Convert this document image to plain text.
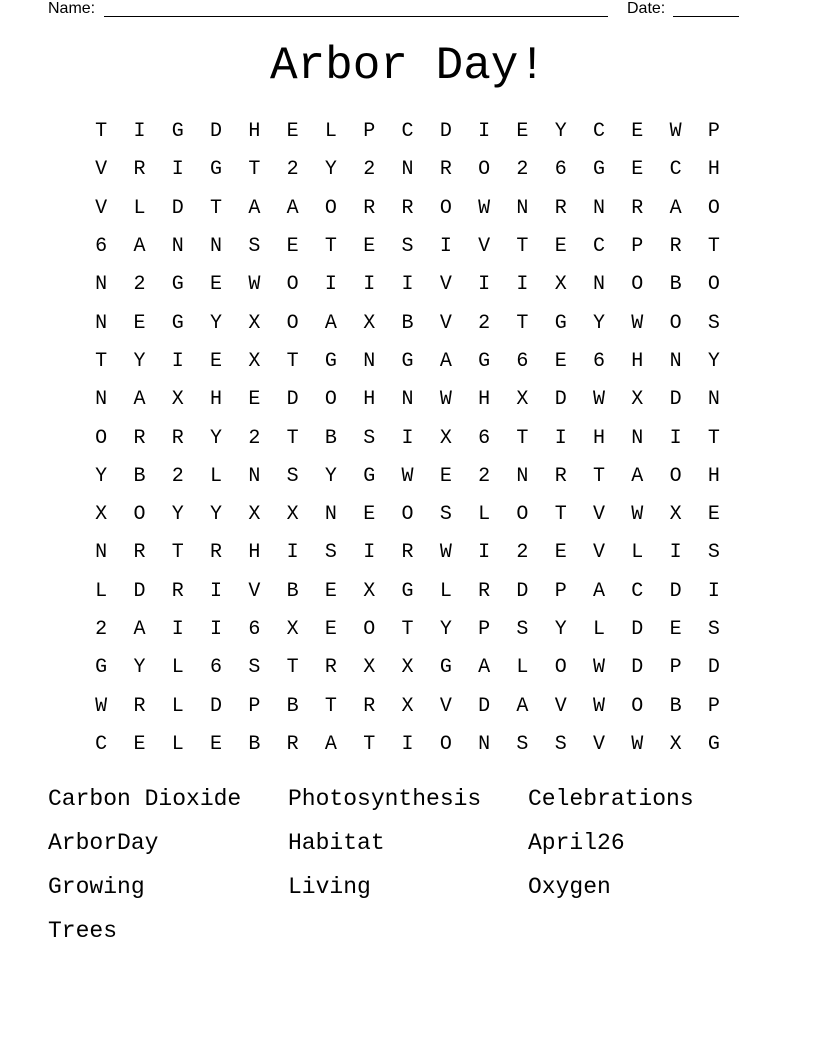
Name:	Date:
Arbor Day!
T	I	G	D	H	E	L	P	C	D	I	E	Y	C	E	W	P
V	R	I	G	T	2	Y	2	N	R	O	2	6	G	E	C	H
V	L	D	T	A	A	O	R	R	O	W	N	R	N	R	A	O
6	A	N	N	S	E	T	E	S	I	V	T	E	C	P	R	T
N	2	G	E	W	O	I	I	I	V	I	I	X	N	O	B	O
N	E	G	Y	X	O	A	X	B	V	2	T	G	Y	W	O	S
T	Y	I	E	X	T	G	N	G	A	G	6	E	6	H	N	Y
N	A	X	H	E	D	O	H	N	W	H	X	D	W	X	D	N
O	R	R	Y	2	T	B	S	I	X	6	T	I	H	N	I	T
Y	B	2	L	N	S	Y	G	W	E	2	N	R	T	A	O	H
X	O	Y	Y	X	X	N	E	O	S	L	O	T	V	W	X	E
N	R	T	R	H	I	S	I	R	W	I	2	E	V	L	I	S
L	D	R	I	V	B	E	X	G	L	R	D	P	A	C	D	I
2	A	I	I	6	X	E	O	T	Y	P	S	Y	L	D	E	S
G	Y	L	6	S	T	R	X	X	G	A	L	O	W	D	P	D
W	R	L	D	P	B	T	R	X	V	D	A	V	W	O	B	P
C	E	L	E	B	R	A	T	I	O	N	S	S	V	W	X	G
Carbon Dioxide	Photosynthesis	Celebrations
ArborDay	Habitat	April26
Growing	Living	Oxygen
Trees
